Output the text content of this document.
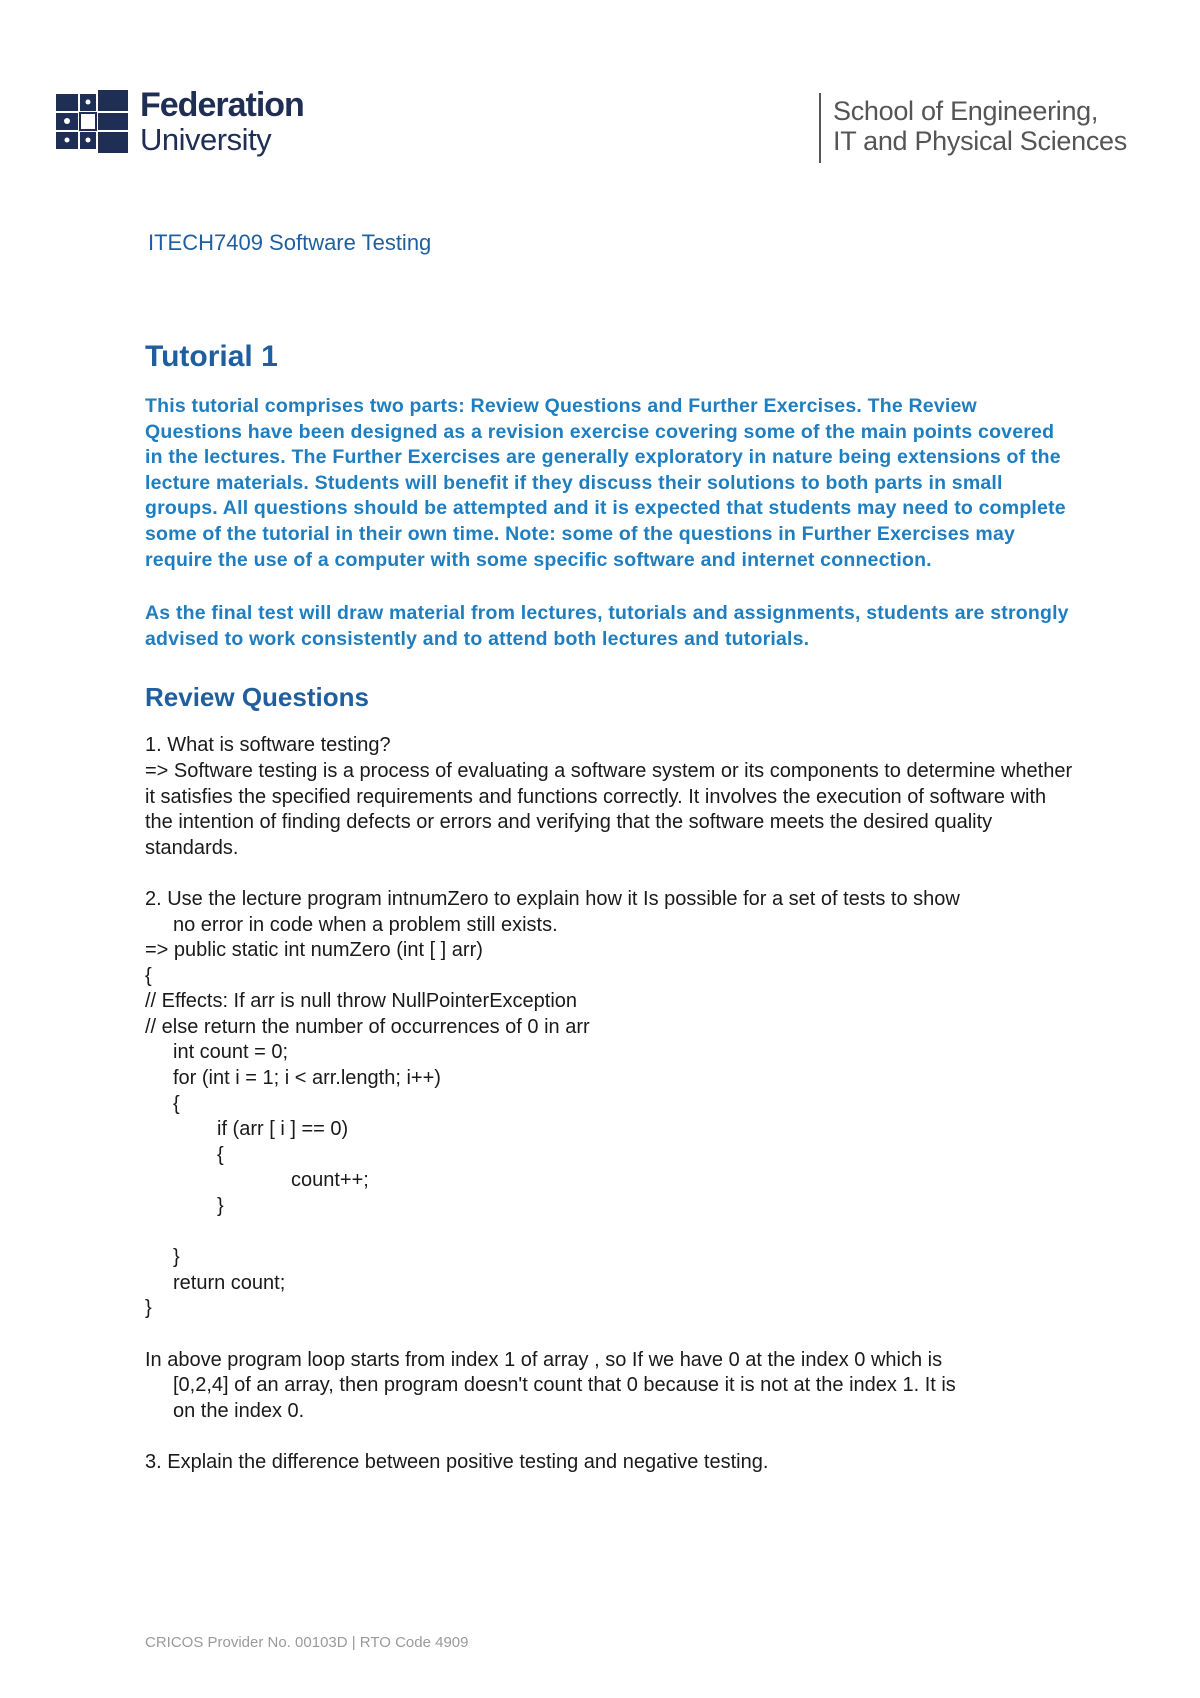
Federation
University
School of Engineering,
IT and Physical Sciences
ITECH7409 Software Testing
Tutorial 1

This tutorial comprises two parts: Review Questions and Further Exercises. The Review Questions have been designed as a revision exercise covering some of the main points covered in the lectures. The Further Exercises are generally exploratory in nature being extensions of the lecture materials. Students will benefit if they discuss their solutions to both parts in small groups. All questions should be attempted and it is expected that students may need to complete some of the tutorial in their own time. Note: some of the questions in Further Exercises may require the use of a computer with some specific software and internet connection.

As the final test will draw material from lectures, tutorials and assignments, students are strongly advised to work consistently and to attend both lectures and tutorials.

Review Questions

1. What is software testing?

=> Software testing is a process of evaluating a software system or its components to determine whether it satisfies the specified requirements and functions correctly. It involves the execution of software with the intention of finding defects or errors and verifying that the software meets the desired quality standards.

2. Use the lecture program intnumZero to explain how it Is possible for a set of tests to show

no error in code when a problem still exists.

=> public static int numZero (int [ ] arr)

{

// Effects: If arr is null throw NullPointerException

// else return the number of occurrences of 0 in arr

int count = 0;

for (int i = 1; i < arr.length; i++)

{

if (arr [ i ] == 0)

{

count++;

}

}

return count;

}

In above program loop starts from index 1 of array , so If we have 0 at the index 0 which is

[0,2,4] of an array, then program doesn't count that 0 because it is not at the index 1. It is

on the index 0.

3. Explain the difference between positive testing and negative testing.

CRICOS Provider No. 00103D | RTO Code 4909
